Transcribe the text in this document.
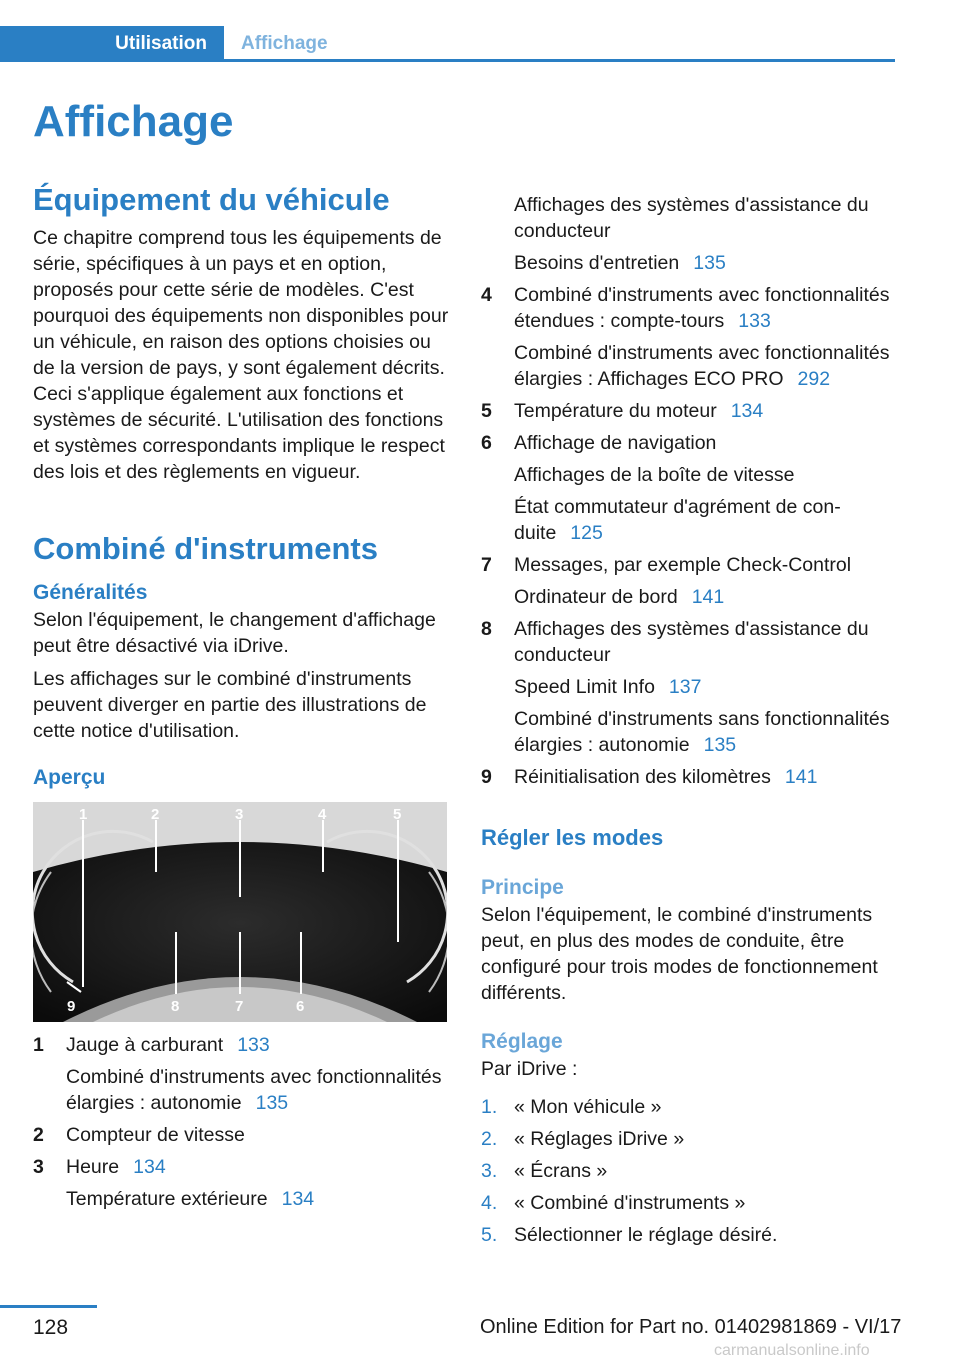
Utilisation	Affichage
Affichage
Équipement du véhicule

Ce chapitre comprend tous les équipements de série, spécifiques à un pays et en option, proposés pour cette série de modèles. C'est pourquoi des équipements non disponibles pour un véhicule, en raison des options choisies ou de la version de pays, y sont également décrits. Ceci s'applique également aux fonctions et systèmes de sécurité. L'utilisation des fonctions et systèmes correspondants implique le respect des lois et des règlements en vigueur.

Combiné d'instruments
Généralités

Selon l'équipement, le changement d'affichage peut être désactivé via iDrive.

Les affichages sur le combiné d'instruments peuvent diverger en partie des illustrations de cette notice d'utilisation.

Aperçu
1	2	3	4	5
6
7
8
9
1	Jauge à carburant 133
Combiné d'instruments avec fonctionnalités élargies : autonomie 135
2	Compteur de vitesse
3	Heure 134
Température extérieure 134
Affichages des systèmes d'assistance du conducteur
Besoins d'entretien 135
4	Combiné d'instruments avec fonctionnalités étendues : compte-tours 133
Combiné d'instruments avec fonctionnalités élargies : Affichages ECO PRO 292
5	Température du moteur 134
6	Affichage de navigation
Affichages de la boîte de vitesse
État commutateur d'agrément de conduite 125
7	Messages, par exemple Check-Control
Ordinateur de bord 141
8	Affichages des systèmes d'assistance du conducteur
Speed Limit Info 137
Combiné d'instruments sans fonctionnalités élargies : autonomie 135
9	Réinitialisation des kilomètres 141
Régler les modes
Principe

Selon l'équipement, le combiné d'instruments peut, en plus des modes de conduite, être configuré pour trois modes de fonctionnement différents.

Réglage

Par iDrive :

1. « Mon véhicule »
2. « Réglages iDrive »
3. « Écrans »
4. « Combiné d'instruments »
5. Sélectionner le réglage désiré.
128	Online Edition for Part no. 01402981869 - VI/17
carmanualsonline.info
